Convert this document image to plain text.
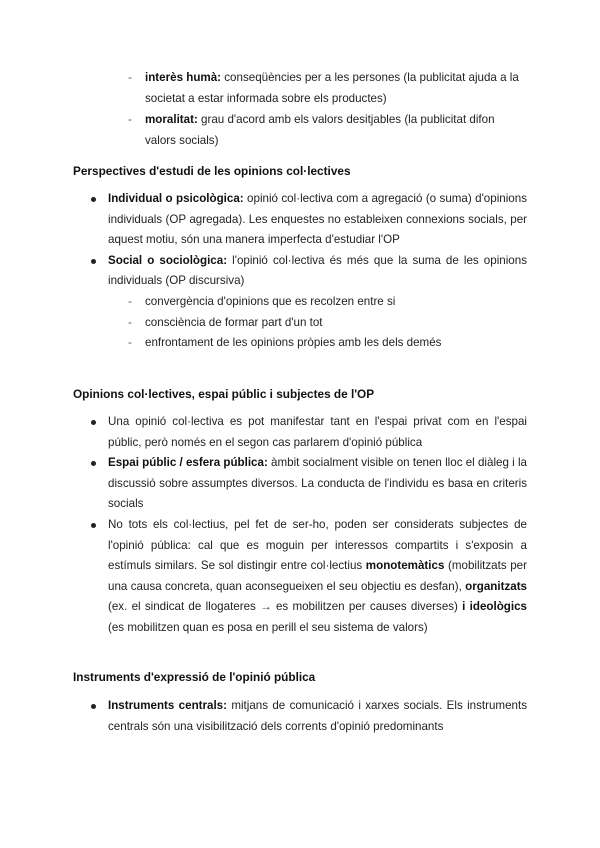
- interès humà: conseqüències per a les persones (la publicitat ajuda a la societat a estar informada sobre els productes)
- moralitat: grau d'acord amb els valors desitjables (la publicitat difon valors socials)
Perspectives d'estudi de les opinions col·lectives
Individual o psicològica: opinió col·lectiva com a agregació (o suma) d'opinions individuals (OP agregada). Les enquestes no estableixen connexions socials, per aquest motiu, són una manera imperfecta d'estudiar l'OP
Social o sociològica: l'opinió col·lectiva és més que la suma de les opinions individuals (OP discursiva)
- convergència d'opinions que es recolzen entre si
- consciència de formar part d'un tot
- enfrontament de les opinions pròpies amb les dels demés
Opinions col·lectives, espai públic i subjectes de l'OP
Una opinió col·lectiva es pot manifestar tant en l'espai privat com en l'espai públic, però només en el segon cas parlarem d'opinió pública
Espai públic / esfera pública: àmbit socialment visible on tenen lloc el diàleg i la discussió sobre assumptes diversos. La conducta de l'individu es basa en criteris socials
No tots els col·lectius, pel fet de ser-ho, poden ser considerats subjectes de l'opinió pública: cal que es moguin per interessos compartits i s'exposin a estímuls similars. Se sol distingir entre col·lectius monotemàtics (mobilitzats per una causa concreta, quan aconsegueixen el seu objectiu es desfan), organitzats (ex. el sindicat de llogateres → es mobilitzen per causes diverses) i ideològics (es mobilitzen quan es posa en perill el seu sistema de valors)
Instruments d'expressió de l'opinió pública
Instruments centrals: mitjans de comunicació i xarxes socials. Els instruments centrals són una visibilització dels corrents d'opinió predominants
